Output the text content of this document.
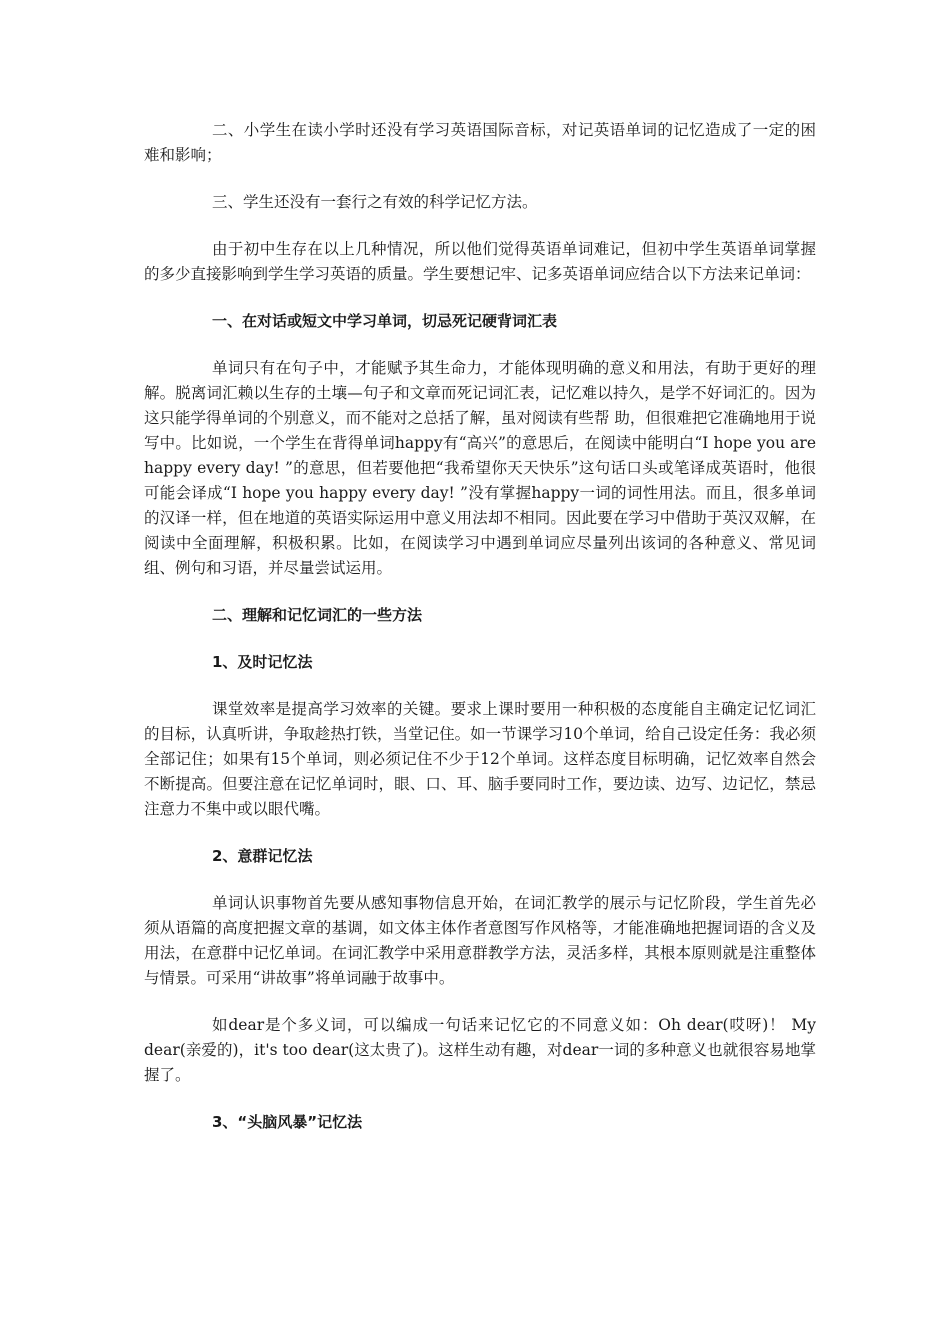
二、小学生在读小学时还没有学习英语国际音标，对记英语单词的记忆造成了一定的困难和影响；

三、学生还没有一套行之有效的科学记忆方法。

由于初中生存在以上几种情况，所以他们觉得英语单词难记，但初中学生英语单词掌握的多少直接影响到学生学习英语的质量。学生要想记牢、记多英语单词应结合以下方法来记单词：

一、在对话或短文中学习单词，切忌死记硬背词汇表

单词只有在句子中，才能赋予其生命力，才能体现明确的意义和用法，有助于更好的理解。脱离词汇赖以生存的土壤—句子和文章而死记词汇表，记忆难以持久，是学不好词汇的。因为这只能学得单词的个别意义，而不能对之总括了解，虽对阅读有些帮 助，但很难把它准确地用于说写中。比如说，一个学生在背得单词happy有“高兴”的意思后，在阅读中能明白“I hope you are happy every day! ”的意思，但若要他把“我希望你天天快乐”这句话口头或笔译成英语时，他很可能会译成“I hope you happy every day! ”没有掌握happy一词的词性用法。而且，很多单词的汉译一样，但在地道的英语实际运用中意义用法却不相同。因此要在学习中借助于英汉双解，在阅读中全面理解，积极积累。比如，在阅读学习中遇到单词应尽量列出该词的各种意义、常见词组、例句和习语，并尽量尝试运用。

二、理解和记忆词汇的一些方法

1、及时记忆法

课堂效率是提高学习效率的关键。要求上课时要用一种积极的态度能自主确定记忆词汇的目标，认真听讲，争取趁热打铁，当堂记住。如一节课学习10个单词，给自己设定任务：我必须全部记住；如果有15个单词，则必须记住不少于12个单词。这样态度目标明确，记忆效率自然会不断提高。但要注意在记忆单词时，眼、口、耳、脑手要同时工作，要边读、边写、边记忆，禁忌注意力不集中或以眼代嘴。

2、意群记忆法

单词认识事物首先要从感知事物信息开始，在词汇教学的展示与记忆阶段，学生首先必须从语篇的高度把握文章的基调，如文体主体作者意图写作风格等，才能准确地把握词语的含义及用法，在意群中记忆单词。在词汇教学中采用意群教学方法，灵活多样，其根本原则就是注重整体与情景。可采用“讲故事”将单词融于故事中。

如dear是个多义词，可以编成一句话来记忆它的不同意义如：Oh dear(哎呀)！ My dear(亲爱的)，it's too dear(这太贵了)。这样生动有趣，对dear一词的多种意义也就很容易地掌握了。

3、“头脑风暴”记忆法
